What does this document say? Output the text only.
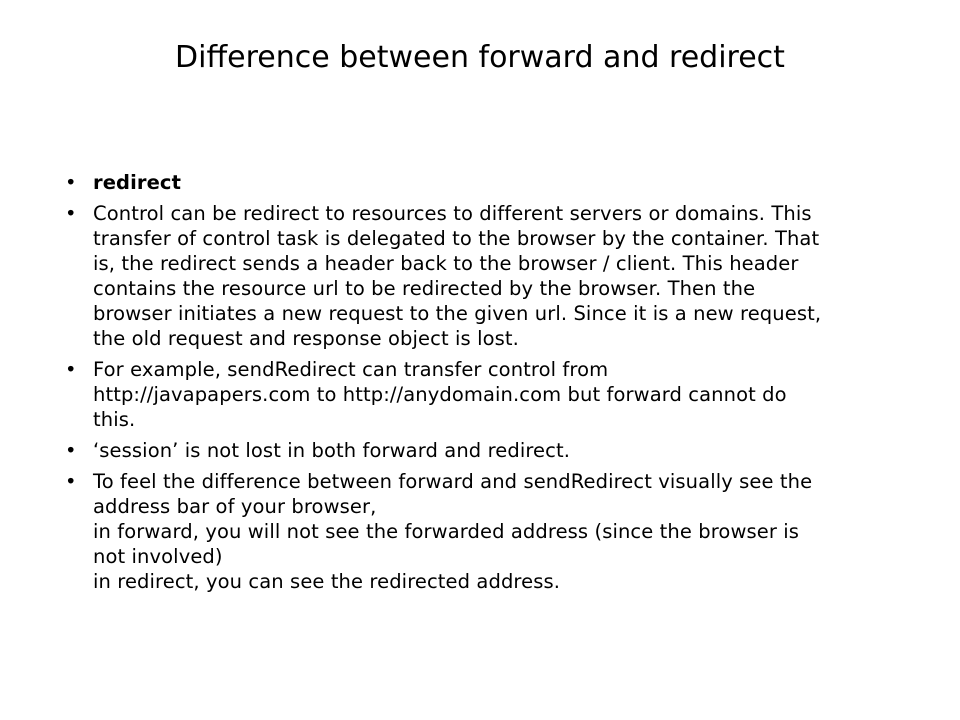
Difference between forward and redirect
• redirect
• Control can be redirect to resources to different servers or domains. This
transfer of control task is delegated to the browser by the container. That
is, the redirect sends a header back to the browser / client. This header
contains the resource url to be redirected by the browser. Then the
browser initiates a new request to the given url. Since it is a new request,
the old request and response object is lost.
• For example, sendRedirect can transfer control from
http://javapapers.com to http://anydomain.com but forward cannot do
this.
• ‘session’ is not lost in both forward and redirect.
• To feel the difference between forward and sendRedirect visually see the
address bar of your browser,
in forward, you will not see the forwarded address (since the browser is
not involved)
in redirect, you can see the redirected address.
